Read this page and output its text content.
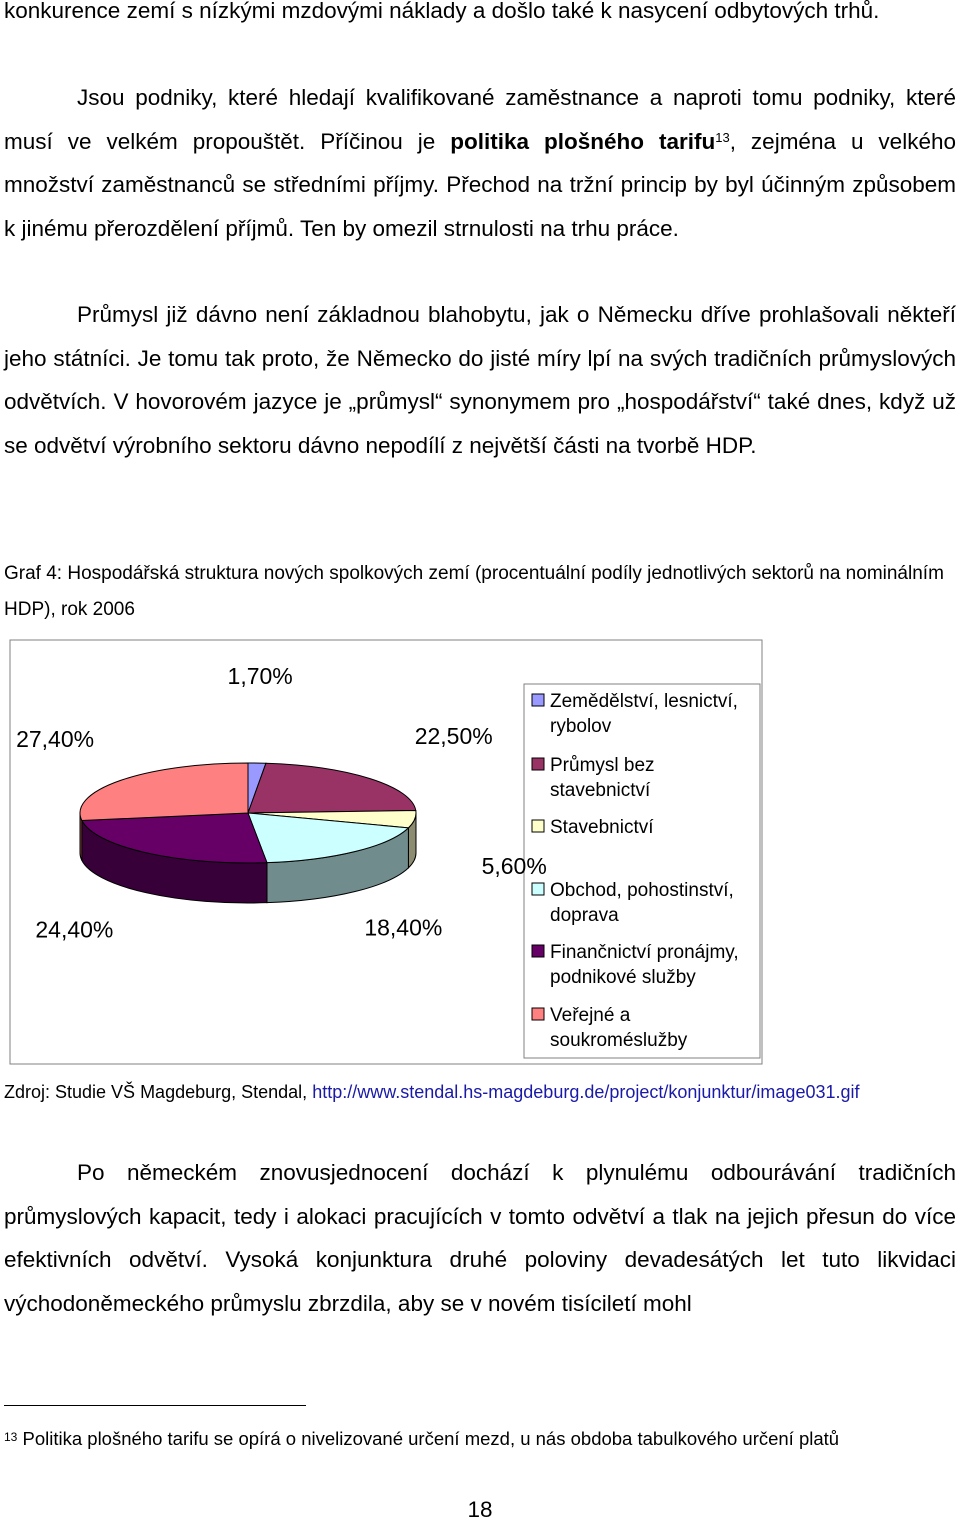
konkurence zemí s nízkými mzdovými náklady a došlo také k nasycení odbytových trhů.

Jsou podniky, které hledají kvalifikované zaměstnance a naproti tomu podniky, které musí ve velkém propouštět. Příčinou je politika plošného tarifu$^{13}$, zejména u velkého množství zaměstnanců se středními příjmy. Přechod na tržní princip by byl účinným způsobem k jinému přerozdělení příjmů. Ten by omezil strnulosti na trhu práce.

Průmysl již dávno není základnou blahobytu, jak o Německu dříve prohlašovali někteří jeho státníci. Je tomu tak proto, že Německo do jisté míry lpí na svých tradičních průmyslových odvětvích. V hovorovém jazyce je „průmysl“ synonymem pro „hospodářství“ také dnes, když už se odvětví výrobního sektoru dávno nepodílí z největší části na tvorbě HDP.

Graf 4: Hospodářská struktura nových spolkových zemí (procentuální podíly jednotlivých sektorů na nominálním HDP), rok 2006

1,70%
22,50%
5,60%
18,40%
24,40%
27,40%
Zemědělství, lesnictví,
rybolov
Průmysl bez
stavebnictví
Stavebnictví
Obchod, pohostinství,
doprava
Finančnictví pronájmy,
podnikové služby
Veřejné a
soukroméslužby
Zdroj: Studie VŠ Magdeburg, Stendal, http://www.stendal.hs-magdeburg.de/project/konjunktur/image031.gif

Po německém znovusjednocení dochází k plynulému odbourávání tradičních průmyslových kapacit, tedy i alokaci pracujících v tomto odvětví a tlak na jejich přesun do více efektivních odvětví. Vysoká konjunktura druhé poloviny devadesátých let tuto likvidaci východoněmeckého průmyslu zbrzdila, aby se v novém tisíciletí mohl

$^{13}$ Politika plošného tarifu se opírá o nivelizované určení mezd, u nás obdoba tabulkového určení platů
18
